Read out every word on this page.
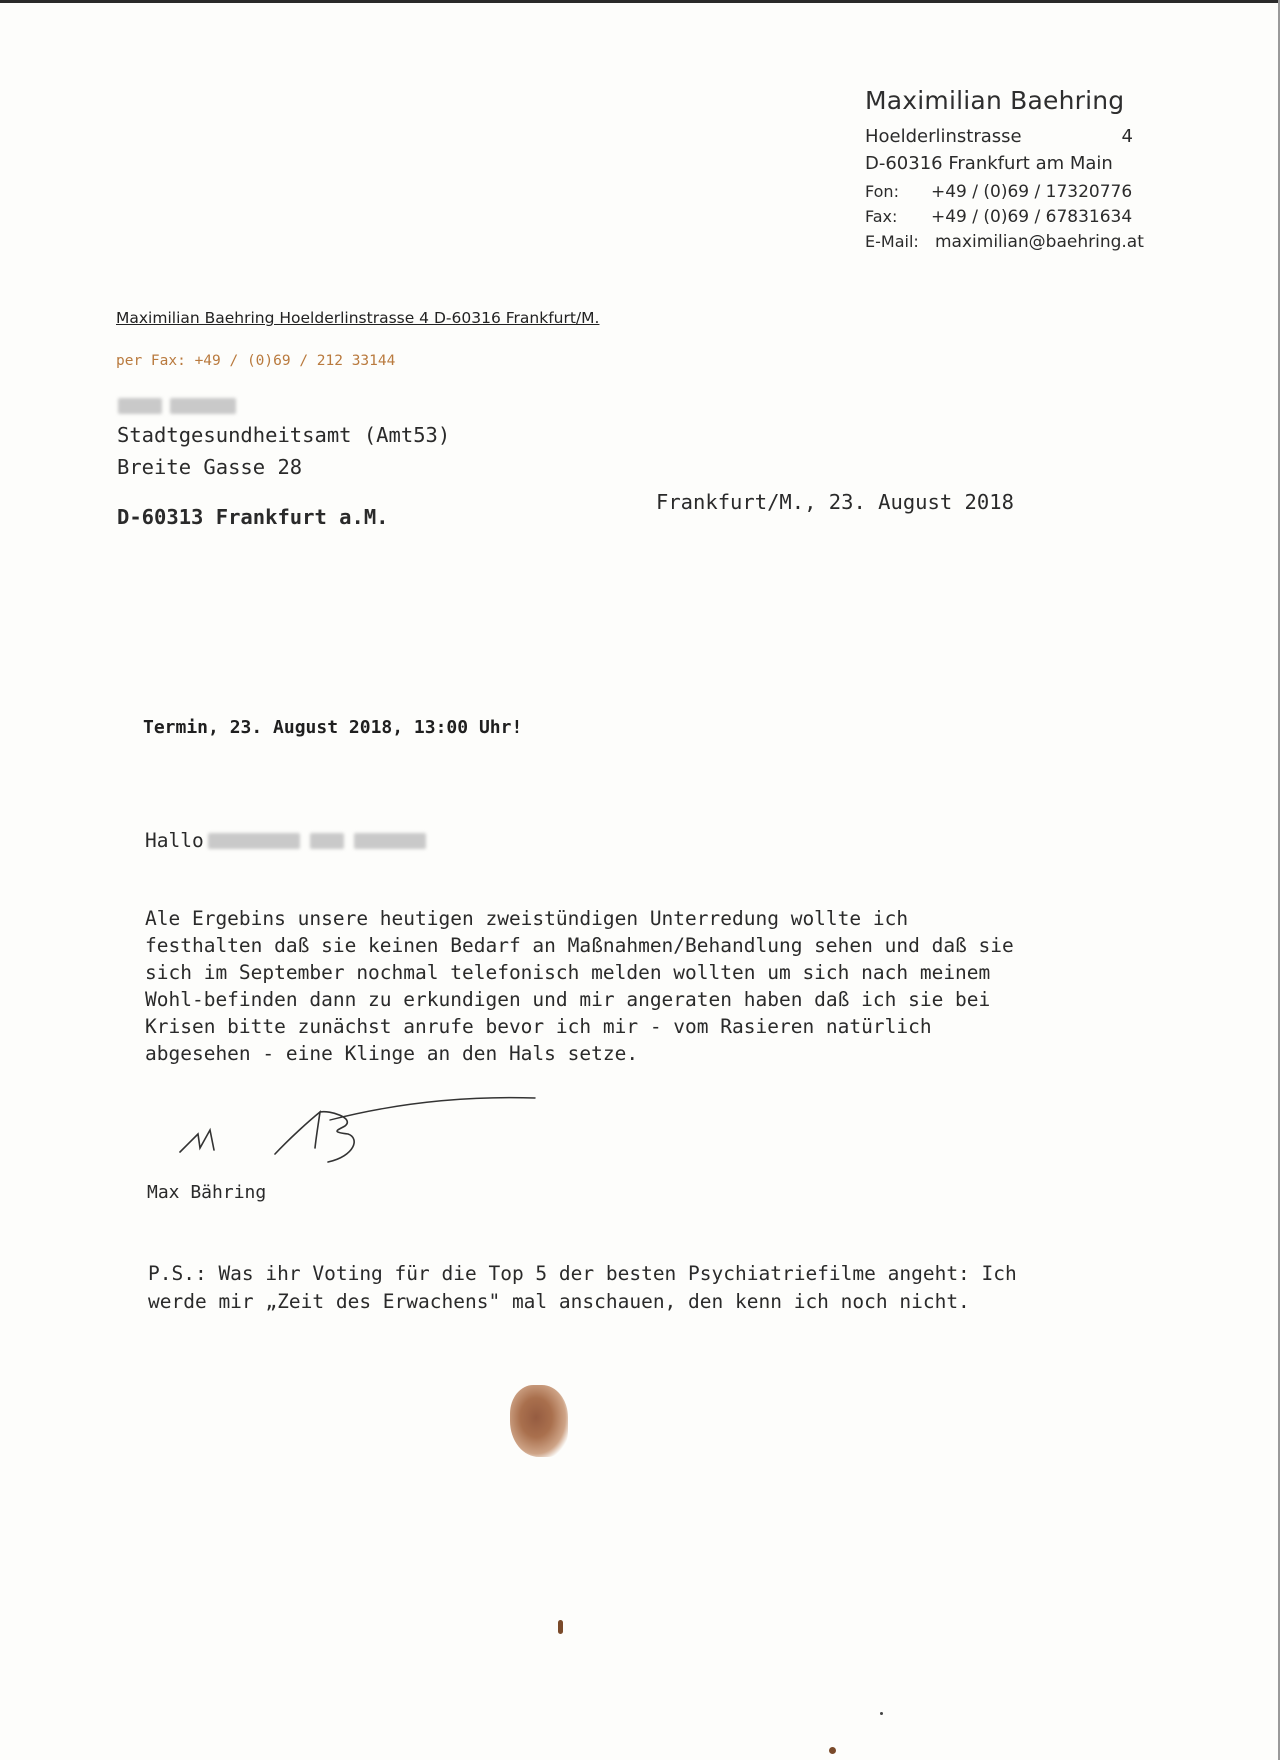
Maximilian Baehring
Hoelderlinstrasse	4
D-60316 Frankfurt am Main
Fon: +49 / (0)69 / 17320776
Fax: +49 / (0)69 / 67831634
E-Mail: maximilian@baehring.at
Maximilian Baehring Hoelderlinstrasse 4 D-60316 Frankfurt/M.
per Fax: +49 / (0)69 / 212 33144
Stadtgesundheitsamt (Amt53)
Breite Gasse 28
D-60313 Frankfurt a.M.
Frankfurt/M., 23. August 2018
Termin, 23. August 2018, 13:00 Uhr!
Hallo
Ale Ergebins unsere heutigen zweistündigen Unterredung wollte ich
festhalten daß sie keinen Bedarf an Maßnahmen/Behandlung sehen und daß sie
sich im September nochmal telefonisch melden wollten um sich nach meinem
Wohl-befinden dann zu erkundigen und mir angeraten haben daß ich sie bei
Krisen bitte zunächst anrufe bevor ich mir - vom Rasieren natürlich
abgesehen - eine Klinge an den Hals setze.
Max Bähring
P.S.: Was ihr Voting für die Top 5 der besten Psychiatriefilme angeht: Ich
werde mir „Zeit des Erwachens" mal anschauen, den kenn ich noch nicht.
